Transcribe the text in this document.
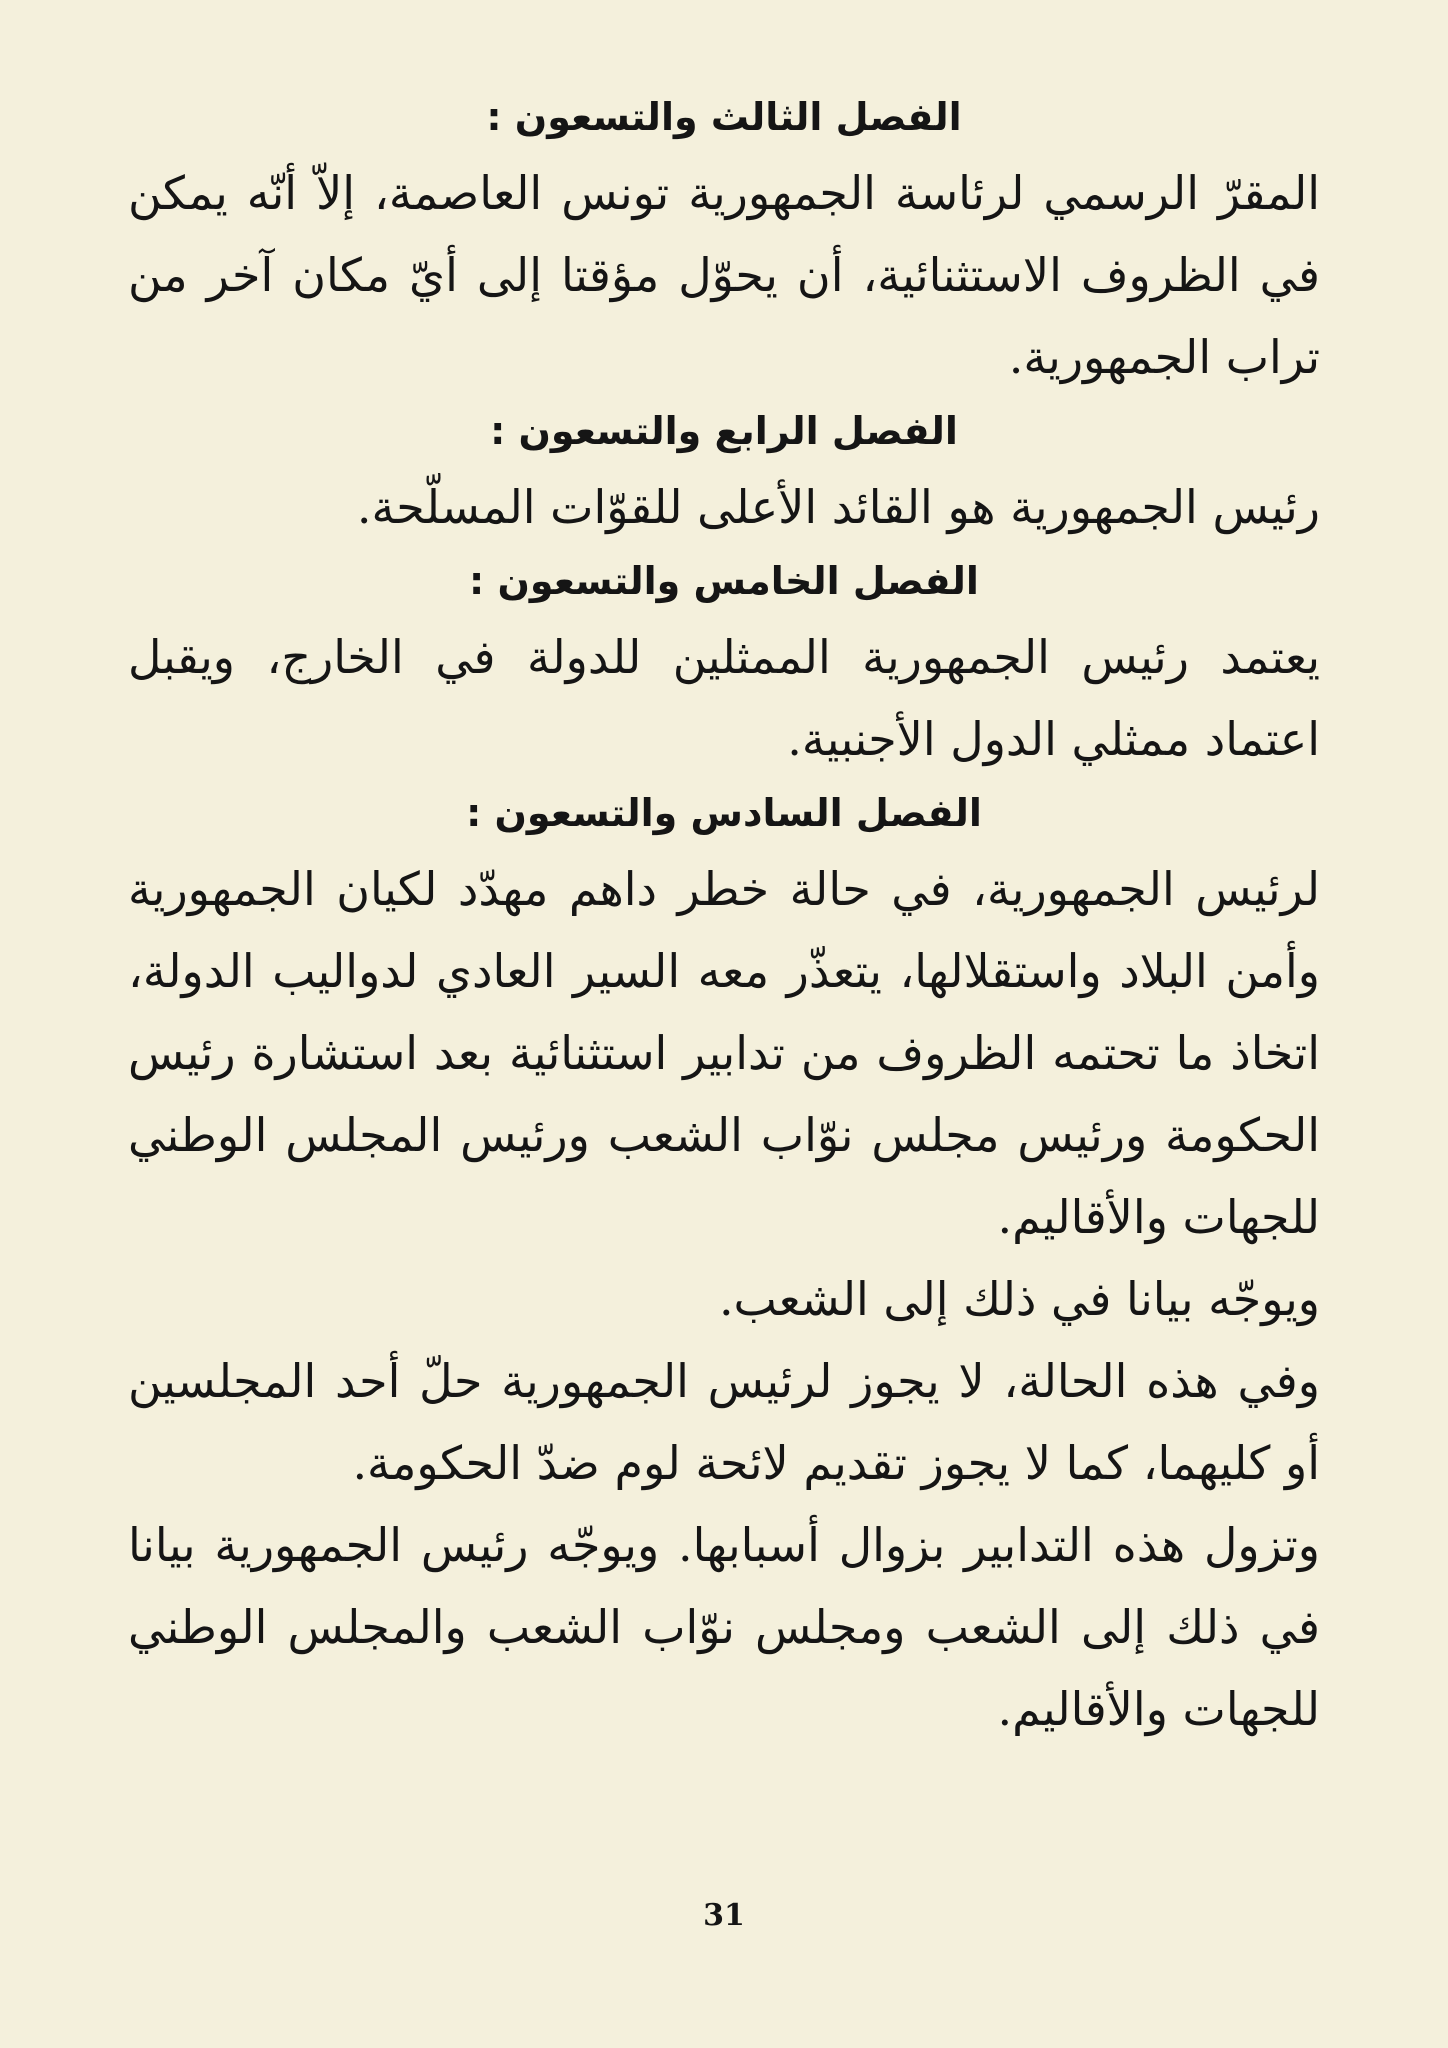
الفصل الثالث والتسعون :

المقرّ الرسمي لرئاسة الجمهورية تونس العاصمة، إلاّ أنّه يمكن في الظروف الاستثنائية، أن يحوّل مؤقتا إلى أيّ مكان آخر من تراب الجمهورية.

الفصل الرابع والتسعون :

رئيس الجمهورية هو القائد الأعلى للقوّات المسلّحة.

الفصل الخامس والتسعون :

يعتمد رئيس الجمهورية الممثلين للدولة في الخارج، ويقبل اعتماد ممثلي الدول الأجنبية.

الفصل السادس والتسعون :

لرئيس الجمهورية، في حالة خطر داهم مهدّد لكيان الجمهورية وأمن البلاد واستقلالها، يتعذّر معه السير العادي لدواليب الدولة، اتخاذ ما تحتمه الظروف من تدابير استثنائية بعد استشارة رئيس الحكومة ورئيس مجلس نوّاب الشعب ورئيس المجلس الوطني للجهات والأقاليم.

ويوجّه بيانا في ذلك إلى الشعب.

وفي هذه الحالة، لا يجوز لرئيس الجمهورية حلّ أحد المجلسين أو كليهما، كما لا يجوز تقديم لائحة لوم ضدّ الحكومة.

وتزول هذه التدابير بزوال أسبابها. ويوجّه رئيس الجمهورية بيانا في ذلك إلى الشعب ومجلس نوّاب الشعب والمجلس الوطني للجهات والأقاليم.

31
